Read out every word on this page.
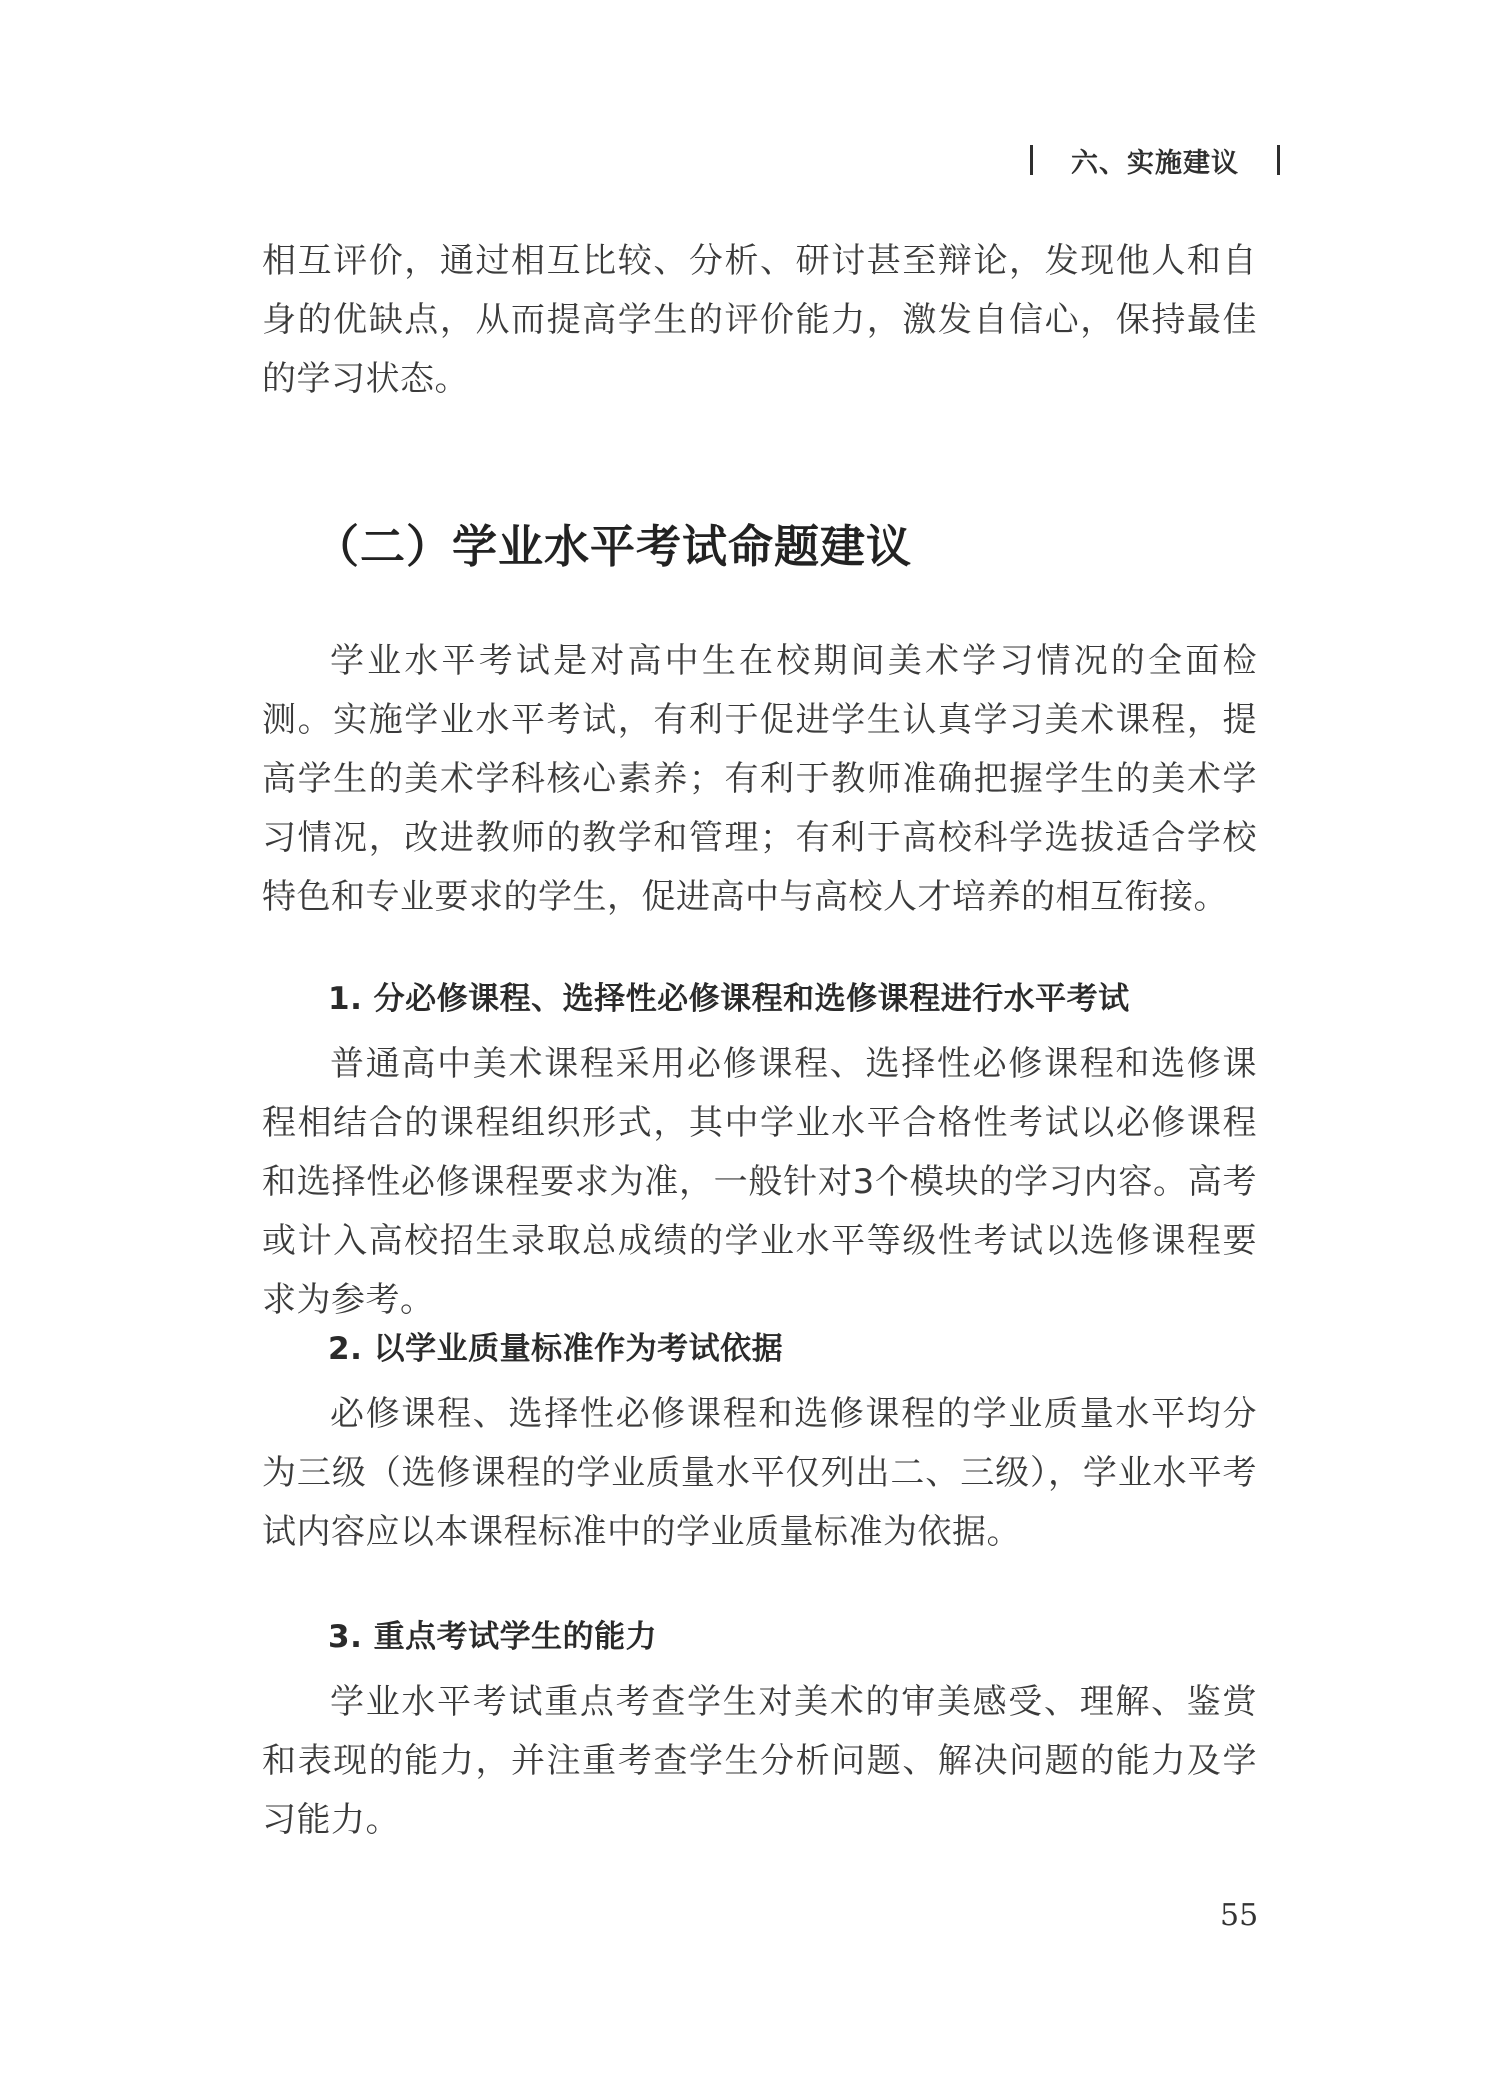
六、实施建议

相互评价，通过相互比较、分析、研讨甚至辩论，发现他人和自身的优缺点，从而提高学生的评价能力，激发自信心，保持最佳的学习状态。

（二）学业水平考试命题建议

学业水平考试是对高中生在校期间美术学习情况的全面检测。实施学业水平考试，有利于促进学生认真学习美术课程，提高学生的美术学科核心素养；有利于教师准确把握学生的美术学习情况，改进教师的教学和管理；有利于高校科学选拔适合学校特色和专业要求的学生，促进高中与高校人才培养的相互衔接。

1. 分必修课程、选择性必修课程和选修课程进行水平考试

普通高中美术课程采用必修课程、选择性必修课程和选修课程相结合的课程组织形式，其中学业水平合格性考试以必修课程和选择性必修课程要求为准，一般针对3个模块的学习内容。高考或计入高校招生录取总成绩的学业水平等级性考试以选修课程要求为参考。

2. 以学业质量标准作为考试依据

必修课程、选择性必修课程和选修课程的学业质量水平均分为三级（选修课程的学业质量水平仅列出二、三级），学业水平考试内容应以本课程标准中的学业质量标准为依据。

3. 重点考试学生的能力

学业水平考试重点考查学生对美术的审美感受、理解、鉴赏和表现的能力，并注重考查学生分析问题、解决问题的能力及学习能力。

55
